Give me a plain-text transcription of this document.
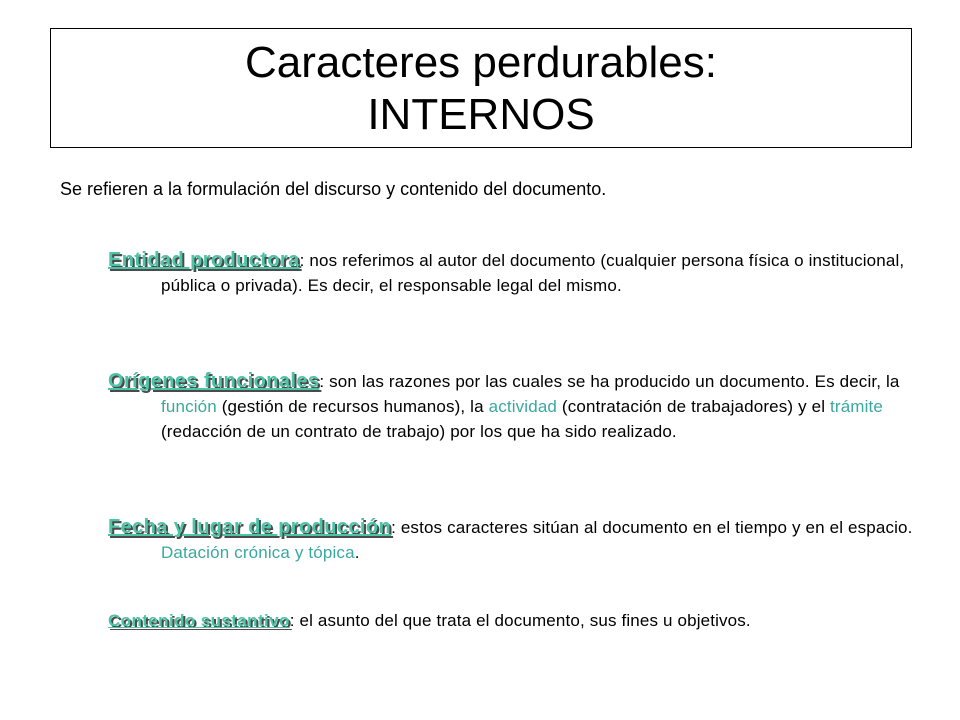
Caracteres perdurables:
INTERNOS
Se refieren a la formulación del discurso y contenido del documento.

Entidad productora: nos referimos al autor del documento (cualquier persona física o institucional, pública o privada). Es decir, el responsable legal del mismo.

Orígenes funcionales: son las razones por las cuales se ha producido un documento. Es decir, la función (gestión de recursos humanos), la actividad (contratación de trabajadores) y el trámite (redacción de un contrato de trabajo) por los que ha sido realizado.

Fecha y lugar de producción: estos caracteres sitúan al documento en el tiempo y en el espacio. Datación crónica y tópica.

Contenido sustantivo: el asunto del que trata el documento, sus fines u objetivos.
